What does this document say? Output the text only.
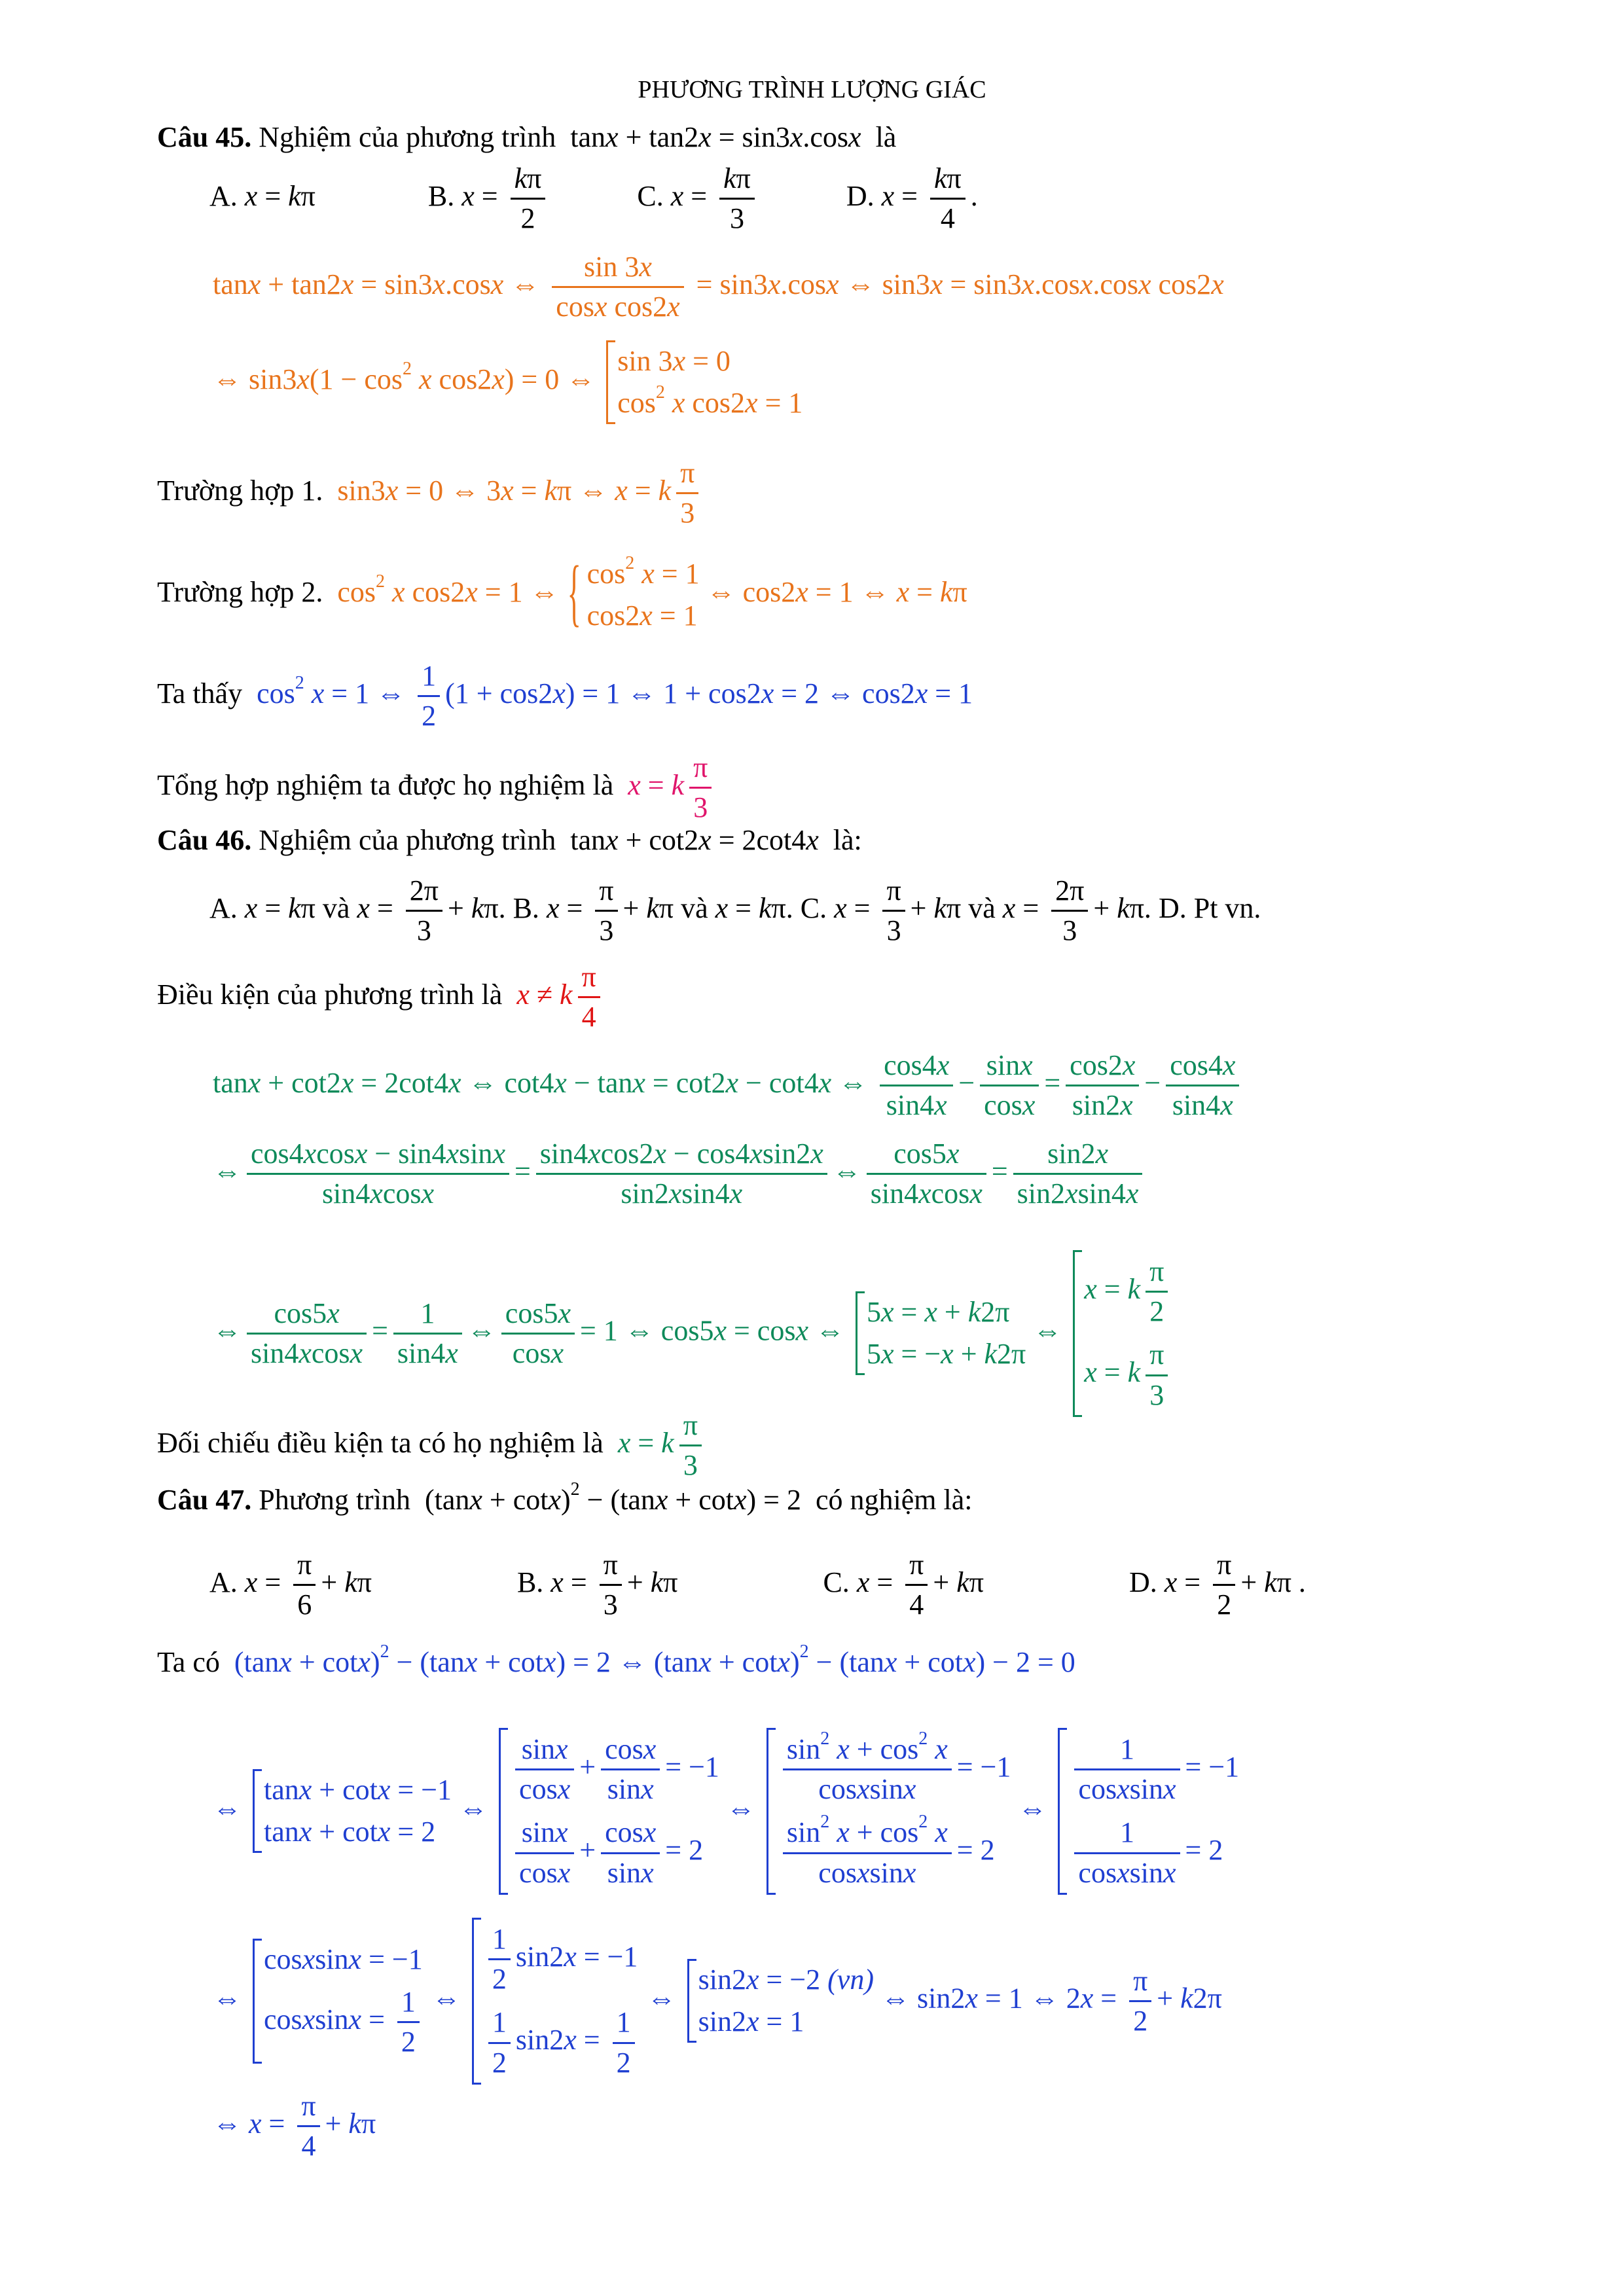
PHƯƠNG TRÌNH LƯỢNG GIÁC
Câu 45. Nghiệm của phương trình  tanx + tan2x = sin3x.cosx là
A. x = kπ	B. $x = \frac{k\pi}{2}$	C. $x = \frac{k\pi}{3}$	D. $x = \frac{k\pi}{4}$ .
tanx + tan2x = sin3x.cosx ⇔ $\frac{\sin 3x}{\text{cosx cos2x}} = \sin 3x.\cos x$ ⇔ sin3x = sin3x.cosx.cosx cos2x
⇔ $\sin 3x(1 - \cos^2 x$ cos2x) = 0 ⇔
sin 3x = 0
$\cos^2 x$ cos2x = 1
Trường hợp 1.  sin3x = 0 ⇔ 3x = kπ ⇔ x = k $\frac{\pi}{3}$
Trường hợp 2.  $\cos^2 x$ cos2x = 1 ⇔
{ $\cos^2 x = 1$
cos2x = 1
⇔ cos2x = 1 ⇔ x = kπ
Ta thấy  $\cos^2 x = 1$ ⇔ $\frac{1}{2} (1 + \cos 2x) = 1$ ⇔ 1 + cos2x = 2 ⇔ cos2x = 1
Tổng hợp nghiệm ta được họ nghiệm là x = k $\frac{\pi}{3}$
Câu 46. Nghiệm của phương trình  tanx + cot2x = 2cot4x là:
A. x = kπ và $x = \frac{2\pi}{3} + k\pi$. B. $x = \frac{\pi}{3} + k\pi$ và x = kπ. C. $x = \frac{\pi}{3} + k\pi$ và $x = \frac{2\pi}{3} + k\pi$. D. Pt vn.
Điều kiện của phương trình là x ≠ k $\frac{\pi}{4}$
tanx + cot2x = 2cot4x ⇔ cot4x − tanx = cot2x − cot4x ⇔ $\frac{\cos 4x}{\sin 4x} - \frac{\sin x}{\cos x} = \frac{\cos 2x}{\sin 2x} - \frac{\cos 4x}{\sin 4x}$
⇔ $\frac{\cos 4xcosx - \sin 4xsinx}{\sin 4xcosx} = \frac{\sin 4xcos2x - \cos 4xsin2x}{\sin 2xsin4x}$ ⇔ $\frac{\cos 5x}{\sin 4xcosx} = \frac{\sin 2x}{\sin 2xsin4x}$
⇔ $\frac{\cos 5x}{\sin 4xcosx} = \frac{1}{\sin 4x}$ ⇔ $\frac{\cos 5x}{\cos x} = 1$ ⇔ cos5x = cosx ⇔
5x = x + k2π
5x = −x + k2π
⇔
x = k $\frac{\pi}{2}$
x = k $\frac{\pi}{3}$
Đối chiếu điều kiện ta có họ nghiệm là x = k $\frac{\pi}{3}$
Câu 47. Phương trình  $(\tan x + \cot x)^2 - (\tan x + \cot x) = 2$  có nghiệm là:
A. $x = \frac{\pi}{6} + k\pi$	B. $x = \frac{\pi}{3} + k\pi$	C. $x = \frac{\pi}{4} + k\pi$	D. $x = \frac{\pi}{2} + k\pi$ .
Ta có  $(\tan x + \cot x)^2 - (\tan x + \cot x) = 2$ ⇔ $(\tan x + \cot x)^2 - (\tan x + \cot x) - 2 = 0$
⇔
tanx + cotx = −1
tanx + cotx = 2
⇔
$\frac{\sin x}{\cos x} + \frac{\cos x}{\sin x} = -1$
$\frac{\sin x}{\cos x} + \frac{\cos x}{\sin x} = 2$
⇔
$\frac{\sin^2 x + \cos^2 x}{\text{cosxsinx}} = -1$
$\frac{\sin^2 x + \cos^2 x}{\text{cosxsinx}} = 2$
⇔
$\frac{1}{\text{cosxsinx}} = -1$
$\frac{1}{\text{cosxsinx}} = 2$
⇔
cosxsinx = −1
cosxsinx = $\frac{1}{2}$ ⇔
$\frac{1}{2} \sin 2x = -1$
$\frac{1}{2} \sin 2x = \frac{1}{2}$
⇔
sin2x = −2 (vn)
sin2x = 1
⇔ sin2x = 1 ⇔ $2x = \frac{\pi}{2} + k2\pi$
⇔ $x = \frac{\pi}{4} + k\pi$
